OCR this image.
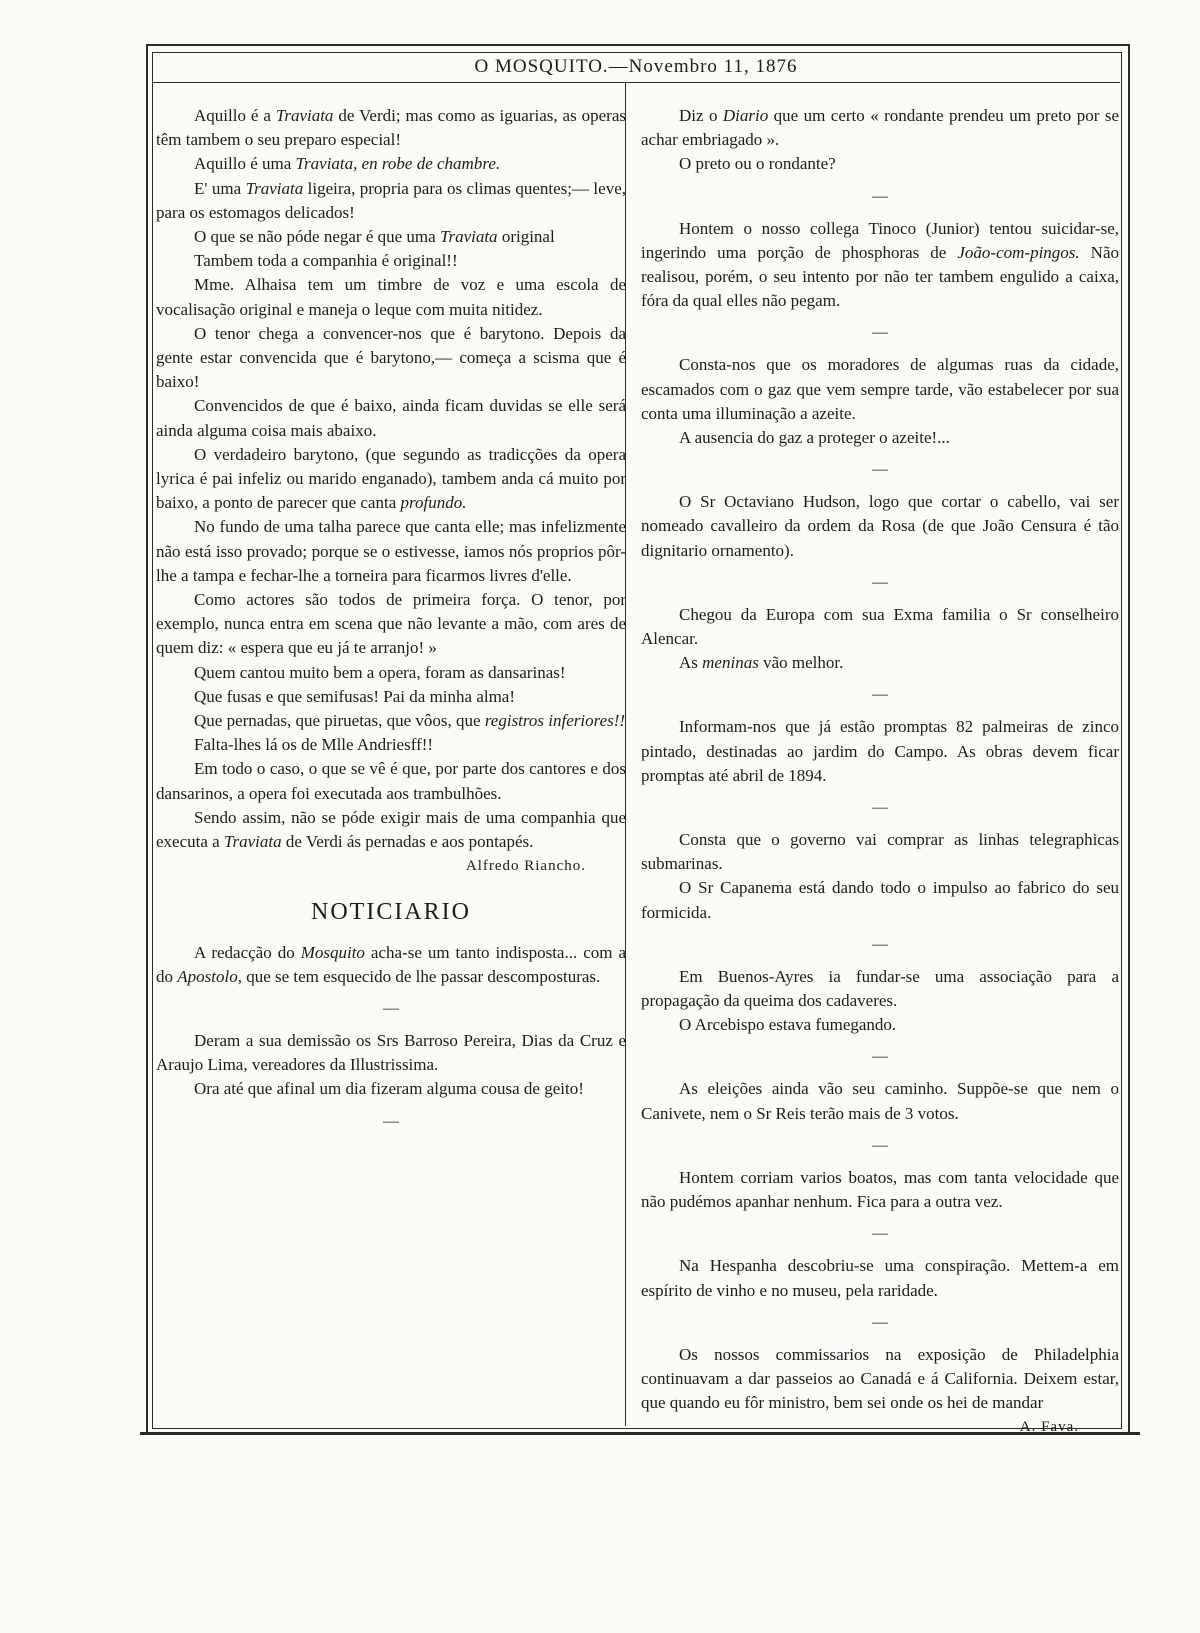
O MOSQUITO.—Novembro 11, 1876

Aquillo é a Traviata de Verdi; mas como as iguarias, as operas têm tambem o seu preparo especial!

Aquillo é uma Traviata, en robe de chambre.

E' uma Traviata ligeira, propria para os climas quentes;— leve, para os estomagos delicados!

O que se não póde negar é que uma Traviata original

Tambem toda a companhia é original!!

Mme. Alhaisa tem um timbre de voz e uma escola de vocalisação original e maneja o leque com muita nitidez.

O tenor chega a convencer-nos que é barytono. Depois da gente estar convencida que é barytono,— começa a scisma que é baixo!

Convencidos de que é baixo, ainda ficam duvidas se elle será ainda alguma coisa mais abaixo.

O verdadeiro barytono, (que segundo as tradicções da opera lyrica é pai infeliz ou marido enganado), tambem anda cá muito por baixo, a ponto de parecer que canta profundo.

No fundo de uma talha parece que canta elle; mas infelizmente não está isso provado; porque se o estivesse, iamos nós proprios pôr-lhe a tampa e fechar-lhe a torneira para ficarmos livres d'elle.

Como actores são todos de primeira força. O tenor, por exemplo, nunca entra em scena que não levante a mão, com ares de quem diz: « espera que eu já te arranjo! »

Quem cantou muito bem a opera, foram as dansarinas!

Que fusas e que semifusas! Pai da minha alma!

Que pernadas, que piruetas, que vôos, que registros inferiores!!

Falta-lhes lá os de Mlle Andriesff!!

Em todo o caso, o que se vê é que, por parte dos cantores e dos dansarinos, a opera foi executada aos trambulhões.

Sendo assim, não se póde exigir mais de uma companhia que executa a Traviata de Verdi ás pernadas e aos pontapés.

Alfredo Riancho.

NOTICIARIO

A redacção do Mosquito acha-se um tanto indisposta... com a do Apostolo, que se tem esquecido de lhe passar descomposturas.

—

Deram a sua demissão os Srs Barroso Pereira, Dias da Cruz e Araujo Lima, vereadores da Illustrissima.

Ora até que afinal um dia fizeram alguma cousa de geito!

—

Diz o Diario que um certo « rondante prendeu um preto por se achar embriagado ».

O preto ou o rondante?

—

Hontem o nosso collega Tinoco (Junior) tentou suicidar-se, ingerindo uma porção de phosphoras de João-com-pingos. Não realisou, porém, o seu intento por não ter tambem engulido a caixa, fóra da qual elles não pegam.

—

Consta-nos que os moradores de algumas ruas da cidade, escamados com o gaz que vem sempre tarde, vão estabelecer por sua conta uma illuminação a azeite.

A ausencia do gaz a proteger o azeite!...

—

O Sr Octaviano Hudson, logo que cortar o cabello, vai ser nomeado cavalleiro da ordem da Rosa (de que João Censura é tão dignitario ornamento).

—

Chegou da Europa com sua Exma familia o Sr conselheiro Alencar.

As meninas vão melhor.

—

Informam-nos que já estão promptas 82 palmeiras de zinco pintado, destinadas ao jardim do Campo. As obras devem ficar promptas até abril de 1894.

—

Consta que o governo vai comprar as linhas telegraphicas submarinas.

O Sr Capanema está dando todo o impulso ao fabrico do seu formicida.

—

Em Buenos-Ayres ia fundar-se uma associação para a propagação da queima dos cadaveres.

O Arcebispo estava fumegando.

—

As eleições ainda vão seu caminho. Suppõe-se que nem o Canivete, nem o Sr Reis terão mais de 3 votos.

—

Hontem corriam varios boatos, mas com tanta velocidade que não pudémos apanhar nenhum. Fica para a outra vez.

—

Na Hespanha descobriu-se uma conspiração. Mettem-a em espírito de vinho e no museu, pela raridade.

—

Os nossos commissarios na exposição de Philadelphia continuavam a dar passeios ao Canadá e á California. Deixem estar, que quando eu fôr ministro, bem sei onde os hei de mandar

A. Fava.
